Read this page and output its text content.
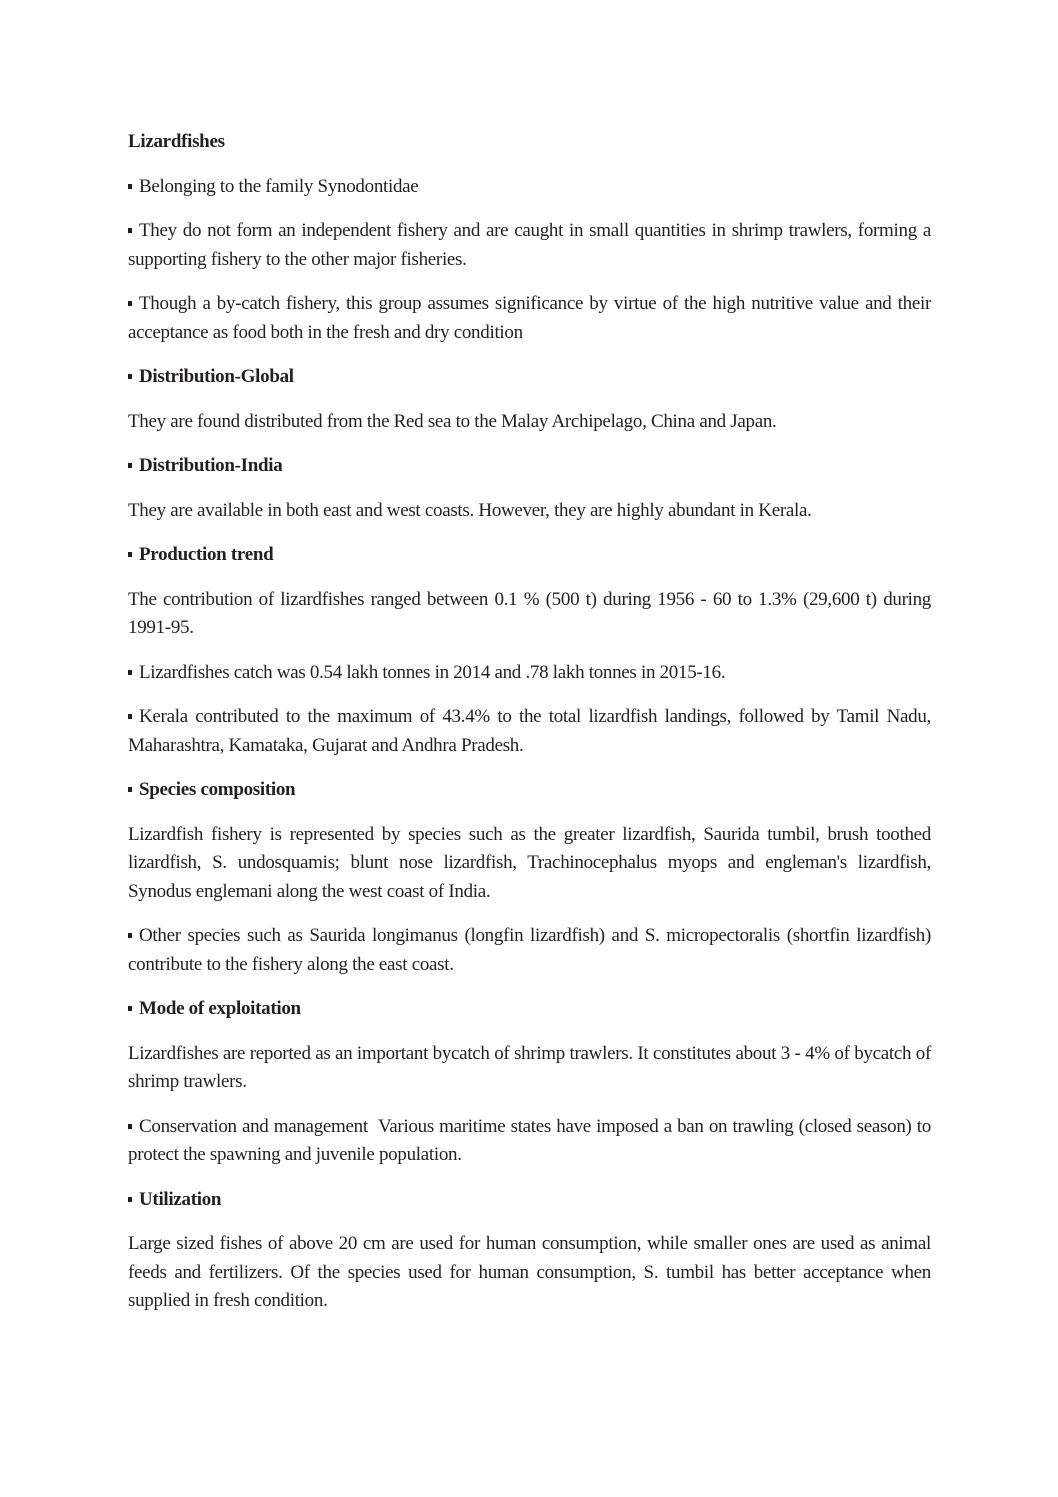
Lizardfishes
Belonging to the family Synodontidae
They do not form an independent fishery and are caught in small quantities in shrimp trawlers, forming a supporting fishery to the other major fisheries.
Though a by-catch fishery, this group assumes significance by virtue of the high nutritive value and their acceptance as food both in the fresh and dry condition
Distribution-Global
They are found distributed from the Red sea to the Malay Archipelago, China and Japan.
Distribution-India
They are available in both east and west coasts. However, they are highly abundant in Kerala.
Production trend
The contribution of lizardfishes ranged between 0.1 % (500 t) during 1956 - 60 to 1.3% (29,600 t) during 1991-95.
Lizardfishes catch was 0.54 lakh tonnes in 2014 and .78 lakh tonnes in 2015-16.
Kerala contributed to the maximum of 43.4% to the total lizardfish landings, followed by Tamil Nadu, Maharashtra, Kamataka, Gujarat and Andhra Pradesh.
Species composition
Lizardfish fishery is represented by species such as the greater lizardfish, Saurida tumbil, brush toothed lizardfish, S. undosquamis; blunt nose lizardfish, Trachinocephalus myops and engleman's lizardfish, Synodus englemani along the west coast of India.
Other species such as Saurida longimanus (longfin lizardfish) and S. micropectoralis (shortfin lizardfish) contribute to the fishery along the east coast.
Mode of exploitation
Lizardfishes are reported as an important bycatch of shrimp trawlers. It constitutes about 3 - 4% of bycatch of shrimp trawlers.
Conservation and management  Various maritime states have imposed a ban on trawling (closed season) to protect the spawning and juvenile population.
Utilization
Large sized fishes of above 20 cm are used for human consumption, while smaller ones are used as animal feeds and fertilizers. Of the species used for human consumption, S. tumbil has better acceptance when supplied in fresh condition.
